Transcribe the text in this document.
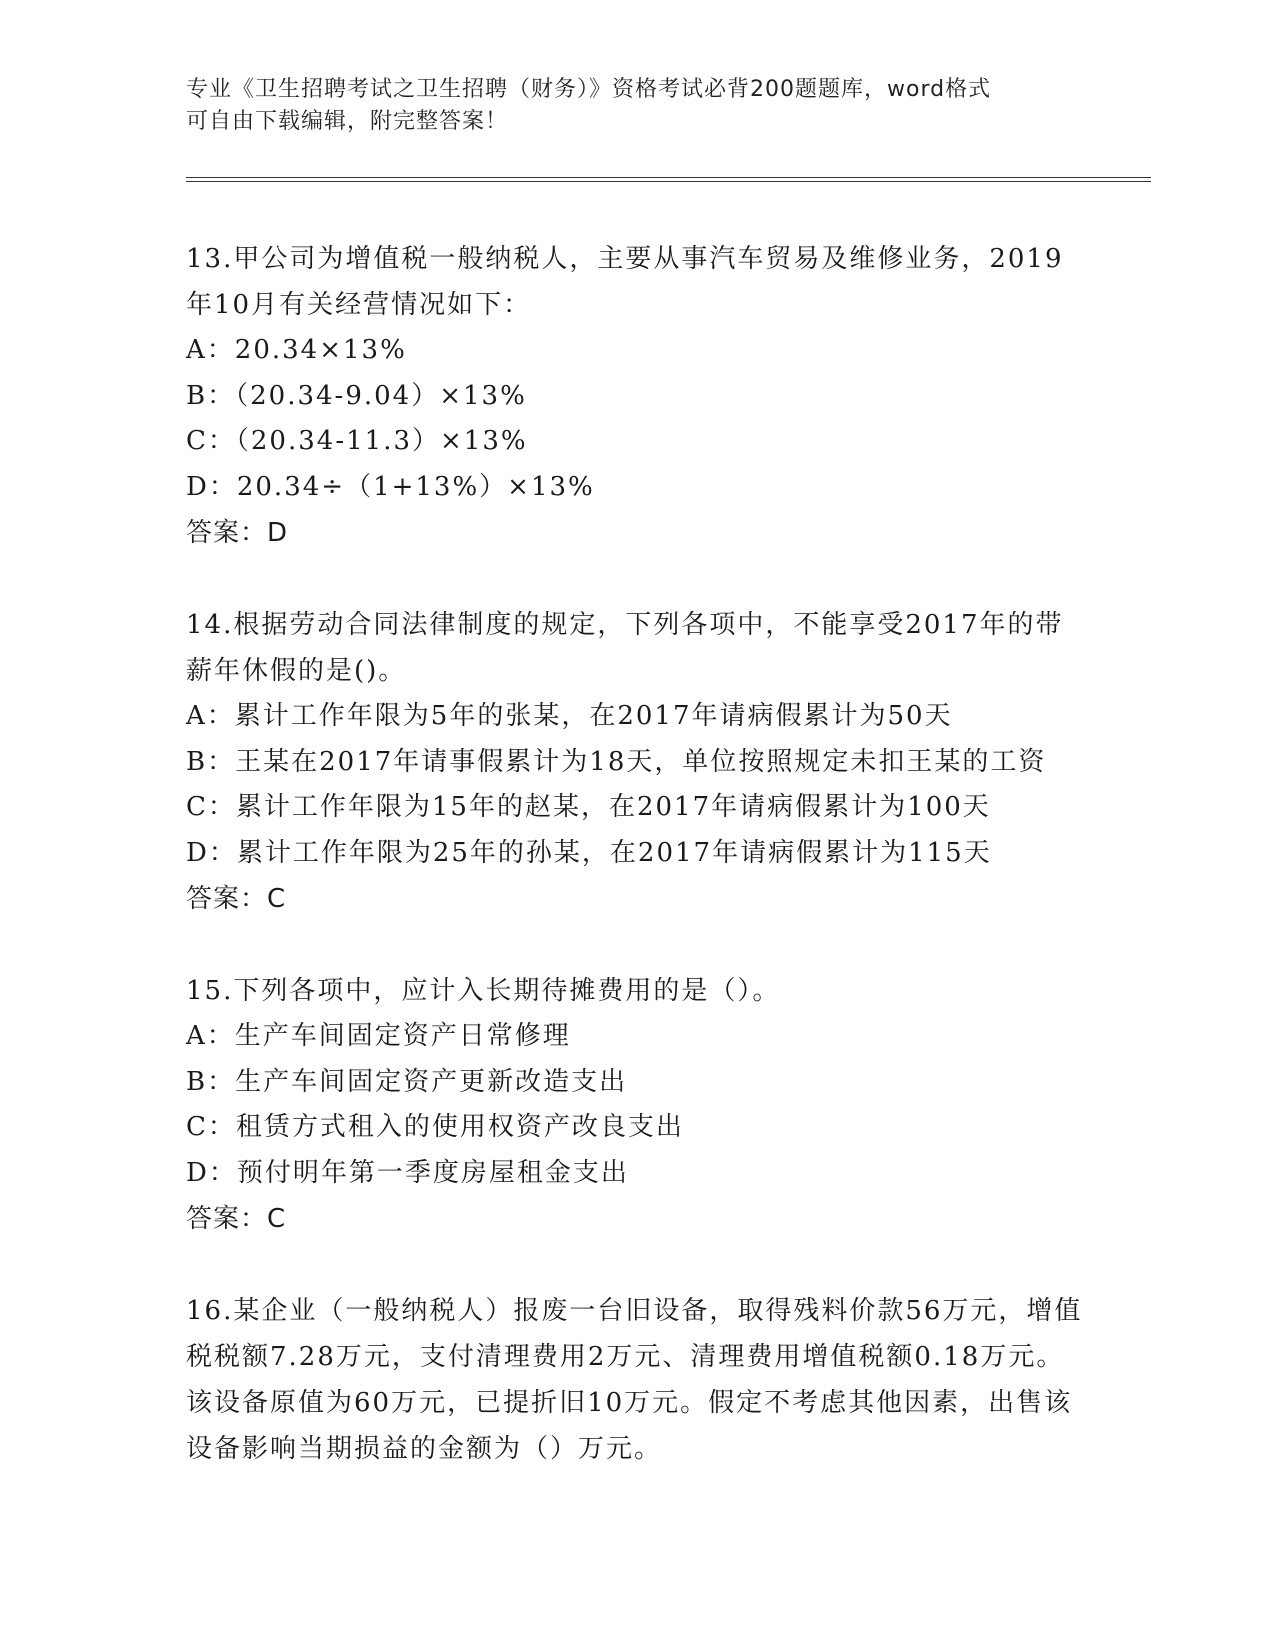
专业《卫生招聘考试之卫生招聘（财务）》资格考试必背200题题库，word格式
可自由下载编辑，附完整答案！
13.甲公司为增值税一般纳税人，主要从事汽车贸易及维修业务，2019年10月有关经营情况如下：
A：20.34×13%
B：（20.34-9.04）×13%
C：（20.34-11.3）×13%
D：20.34÷（1+13%）×13%
答案：D
14.根据劳动合同法律制度的规定，下列各项中，不能享受2017年的带薪年休假的是()。
A：累计工作年限为5年的张某，在2017年请病假累计为50天
B：王某在2017年请事假累计为18天，单位按照规定未扣王某的工资
C：累计工作年限为15年的赵某，在2017年请病假累计为100天
D：累计工作年限为25年的孙某，在2017年请病假累计为115天
答案：C
15.下列各项中，应计入长期待摊费用的是（）。
A：生产车间固定资产日常修理
B：生产车间固定资产更新改造支出
C：租赁方式租入的使用权资产改良支出
D：预付明年第一季度房屋租金支出
答案：C
16.某企业（一般纳税人）报废一台旧设备，取得残料价款56万元，增值税税额7.28万元，支付清理费用2万元、清理费用增值税额0.18万元。该设备原值为60万元，已提折旧10万元。假定不考虑其他因素，出售该设备影响当期损益的金额为（）万元。
